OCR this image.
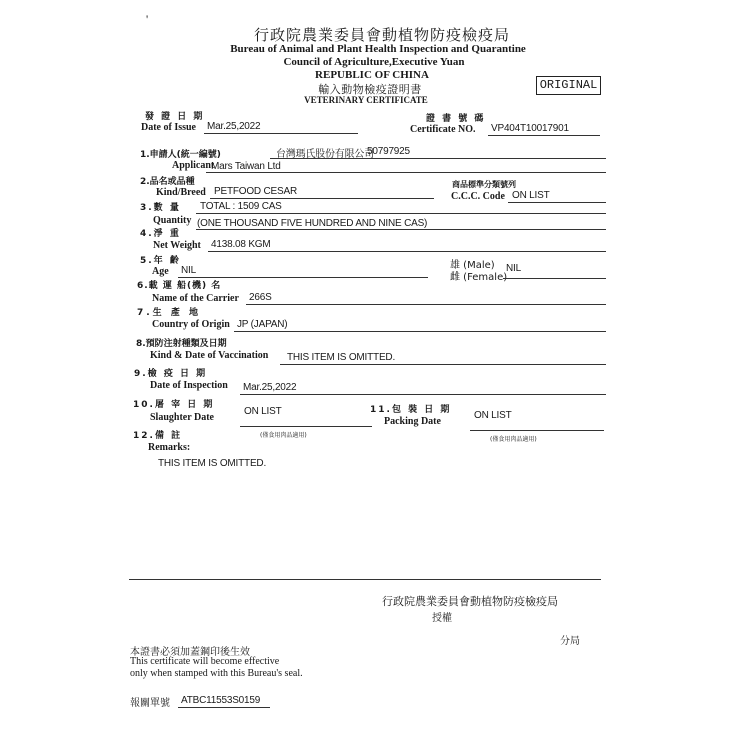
'
行政院農業委員會動植物防疫檢疫局
Bureau of Animal and Plant Health Inspection and Quarantine
Council of Agriculture,Executive Yuan
REPUBLIC OF CHINA
輸入動物檢疫證明書
VETERINARY CERTIFICATE
ORIGINAL
發 證 日 期
Date of Issue Mar.25,2022
證 書 號 碼
Certificate NO. VP404T10017901
1.申請人(統一編號)	台灣瑪氏股份有限公司
50797925
Applicant
Mars Taiwan Ltd
2.品名或品種
Kind/Breed PETFOOD CESAR
商品標準分類號列
C.C.C. Code ON LIST
3.數 量 TOTAL : 1509 CAS
Quantity (ONE THOUSAND FIVE HUNDRED AND NINE CAS)
4.淨 重
Net Weight 4138.08 KGM
5.年 齡
Age NIL	雄 (Male)
雌 (Female)
NIL
6.載 運 船(機) 名
Name of the Carrier 266S
7.生 產 地
Country of Origin JP (JAPAN)
8.預防注射種類及日期
Kind & Date of Vaccination THIS ITEM IS OMITTED.
9.檢 疫 日 期
Date of Inspection Mar.25,2022
10.屠 宰 日 期
Slaughter Date
ON LIST
(僅食用肉品適用)
11.包 裝 日 期
Packing Date
ON LIST
(僅食用肉品適用)
12.備 註
Remarks:
THIS ITEM IS OMITTED.
行政院農業委員會動植物防疫檢疫局
授權
分局
本證書必須加蓋鋼印後生效
This certificate will become effective
only when stamped with this Bureau's seal.
報關單號 ATBC11553S0159
